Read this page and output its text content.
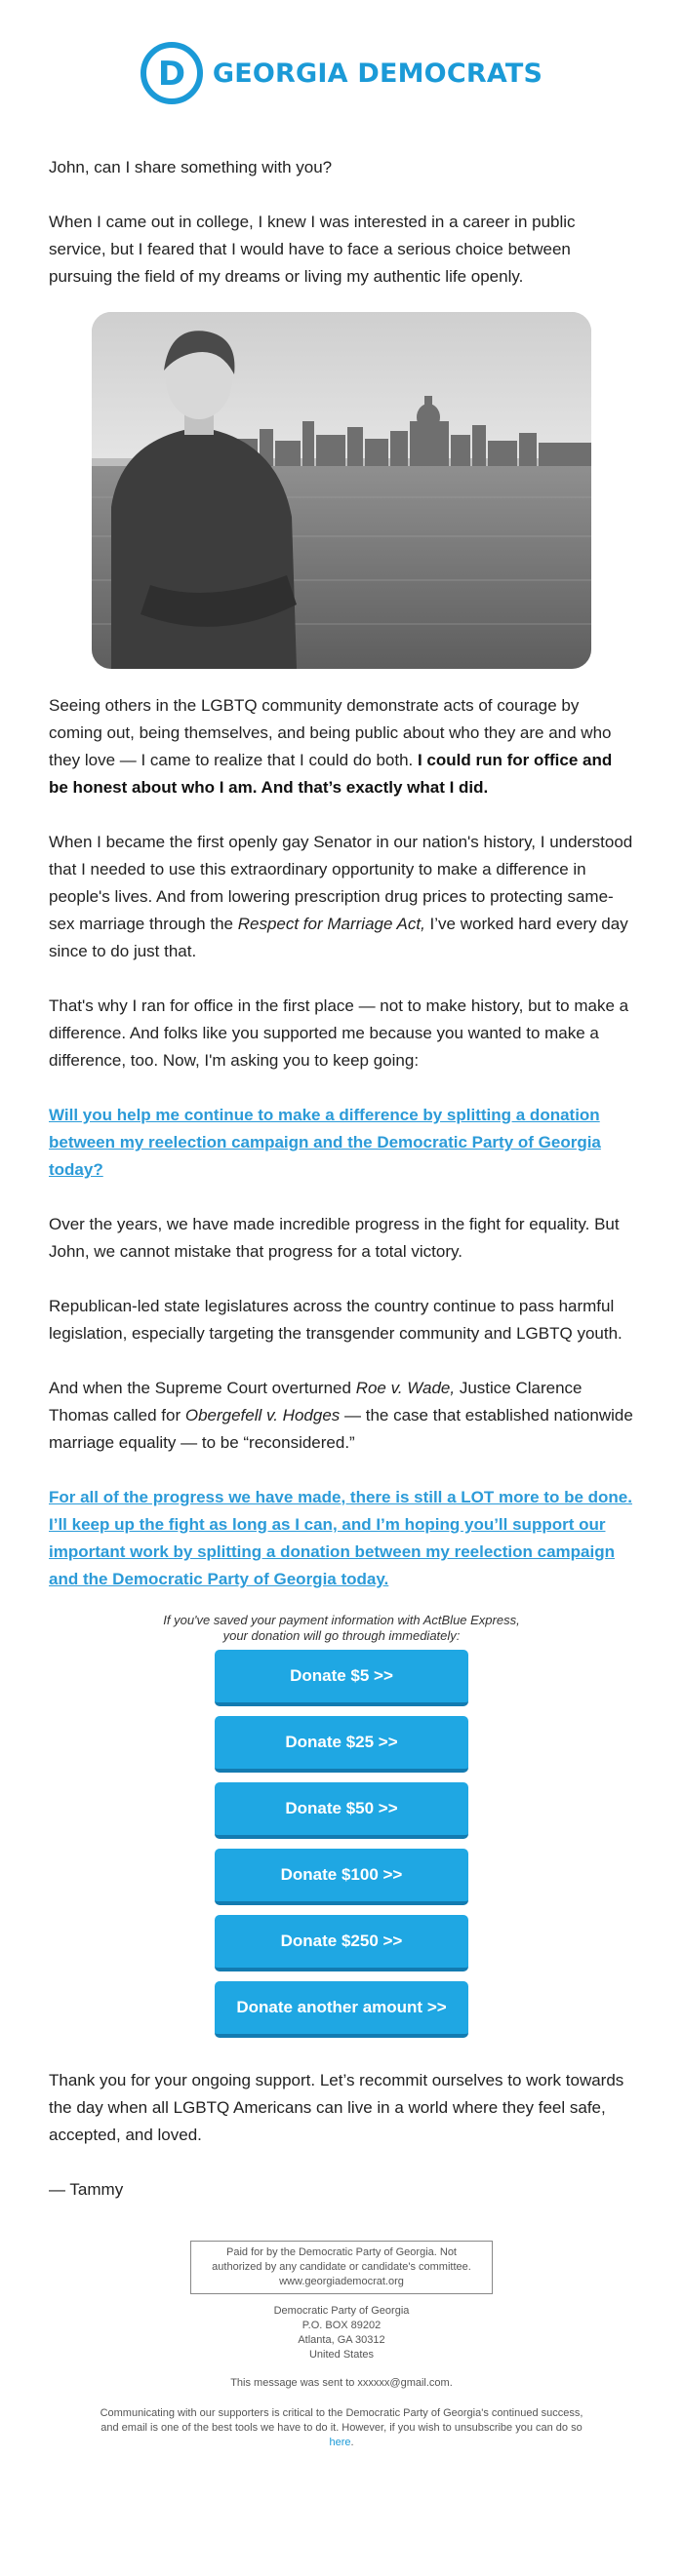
D GEORGIA DEMOCRATS

John, can I share something with you?

When I came out in college, I knew I was interested in a career in public service, but I feared that I would have to face a serious choice between pursuing the field of my dreams or living my authentic life openly.

Seeing others in the LGBTQ community demonstrate acts of courage by coming out, being themselves, and being public about who they are and who they love — I came to realize that I could do both. I could run for office and be honest about who I am. And that’s exactly what I did.

When I became the first openly gay Senator in our nation's history, I understood that I needed to use this extraordinary opportunity to make a difference in people's lives. And from lowering prescription drug prices to protecting same-sex marriage through the Respect for Marriage Act, I’ve worked hard every day since to do just that.

That's why I ran for office in the first place — not to make history, but to make a difference. And folks like you supported me because you wanted to make a difference, too. Now, I'm asking you to keep going:

Will you help me continue to make a difference by splitting a donation between my reelection campaign and the Democratic Party of Georgia today?

Over the years, we have made incredible progress in the fight for equality. But John, we cannot mistake that progress for a total victory.

Republican-led state legislatures across the country continue to pass harmful legislation, especially targeting the transgender community and LGBTQ youth.

And when the Supreme Court overturned Roe v. Wade, Justice Clarence Thomas called for Obergefell v. Hodges — the case that established nationwide marriage equality — to be “reconsidered.”

For all of the progress we have made, there is still a LOT more to be done. I’ll keep up the fight as long as I can, and I’m hoping you’ll support our important work by splitting a donation between my reelection campaign and the Democratic Party of Georgia today.
If you've saved your payment information with ActBlue Express,
your donation will go through immediately:
Donate $5 >>
Donate $25 >>
Donate $50 >>
Donate $100 >>
Donate $250 >>
Donate another amount >>

Thank you for your ongoing support. Let’s recommit ourselves to work towards the day when all LGBTQ Americans can live in a world where they feel safe, accepted, and loved.

— Tammy

Paid for by the Democratic Party of Georgia. Not authorized by any candidate or candidate's committee. www.georgiademocrat.org
Democratic Party of Georgia
P.O. BOX 89202
Atlanta, GA 30312
United States
This message was sent to xxxxxx@gmail.com.
Communicating with our supporters is critical to the Democratic Party of Georgia's continued success, and email is one of the best tools we have to do it. However, if you wish to unsubscribe you can do so here.
